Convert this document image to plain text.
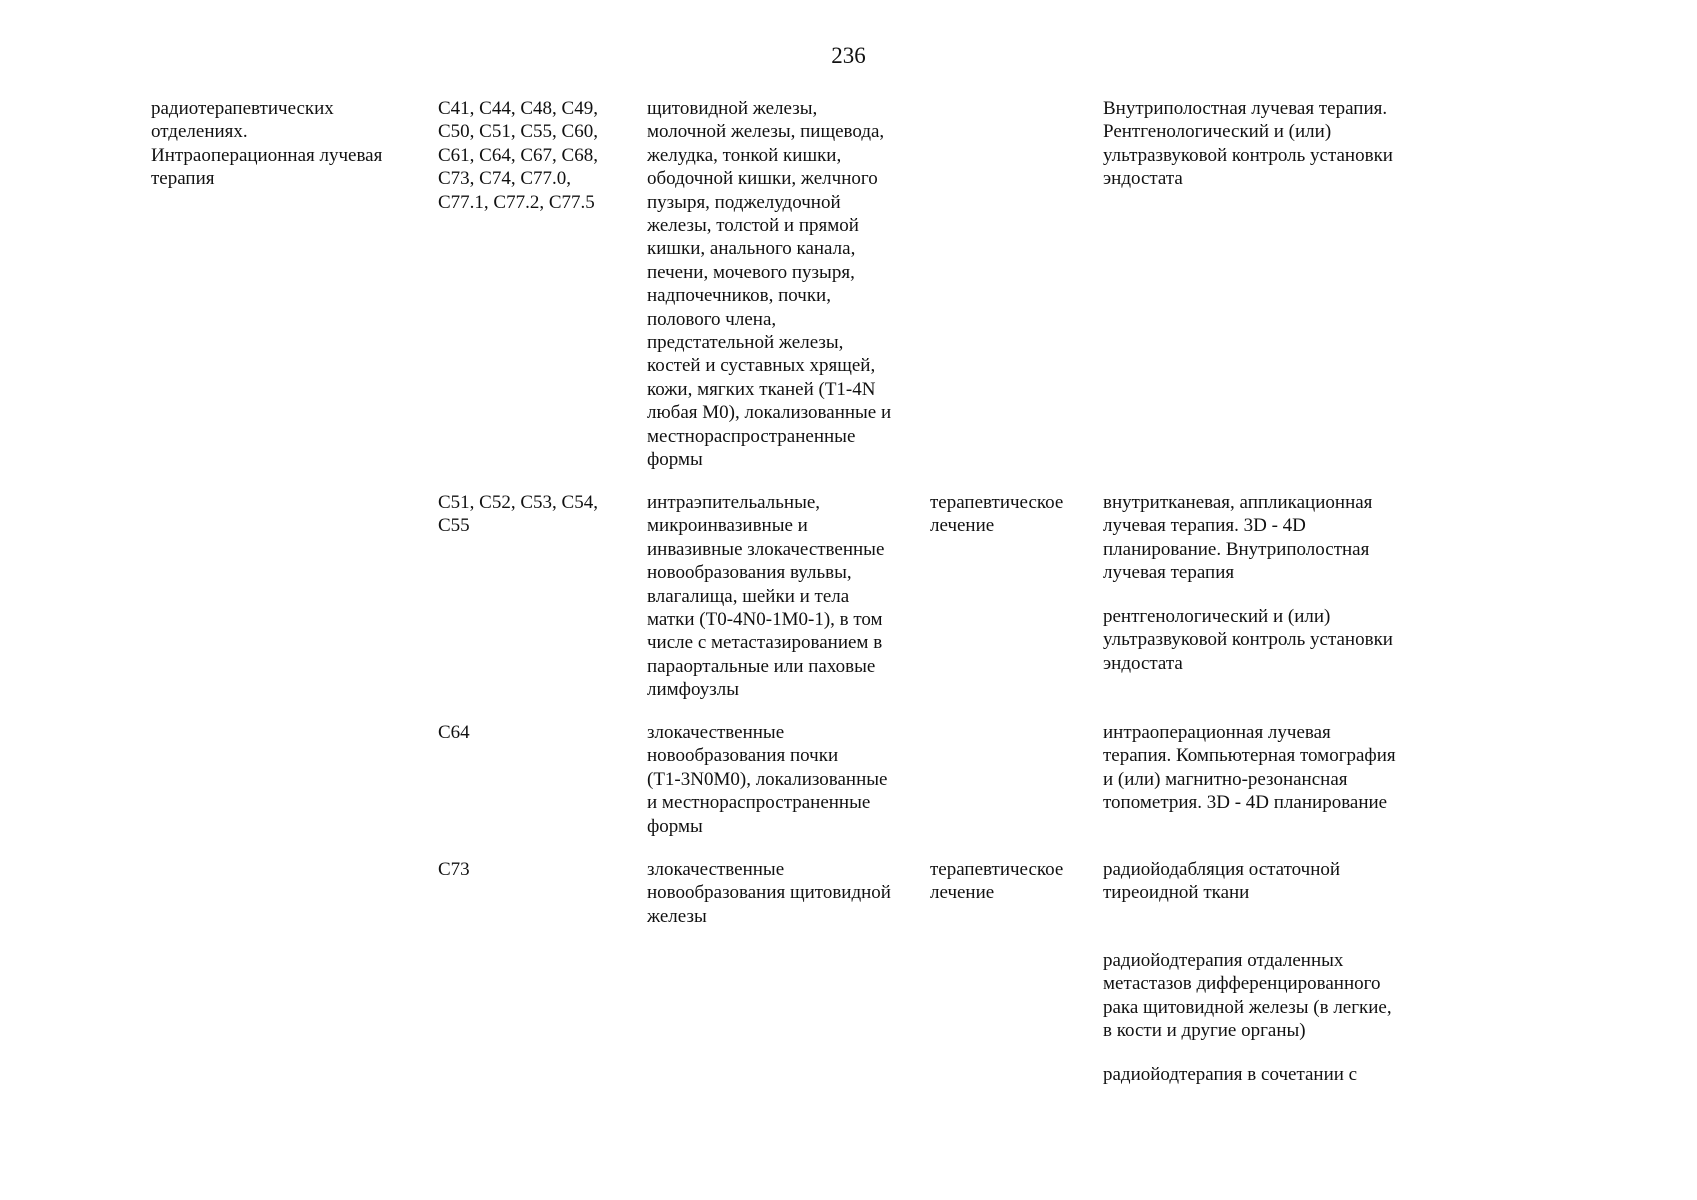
236
радиотерапевтических
отделениях.
Интраоперационная лучевая
терапия
C41, C44, C48, C49,
C50, C51, C55, C60,
C61, C64, C67, C68,
C73, C74, C77.0,
C77.1, C77.2, C77.5
щитовидной железы,
молочной железы, пищевода,
желудка, тонкой кишки,
ободочной кишки, желчного
пузыря, поджелудочной
железы, толстой и прямой
кишки, анального канала,
печени, мочевого пузыря,
надпочечников, почки,
полового члена,
предстательной железы,
костей и суставных хрящей,
кожи, мягких тканей (T1-4N
любая M0), локализованные и
местнораспространенные
формы
Внутриполостная лучевая терапия.
Рентгенологический и (или)
ультразвуковой контроль установки
эндостата
C51, C52, C53, C54,
C55
интраэпительальные,
микроинвазивные и
инвазивные злокачественные
новообразования вульвы,
влагалища, шейки и тела
матки (T0-4N0-1M0-1), в том
числе с метастазированием в
параортальные или паховые
лимфоузлы
терапевтическое
лечение
внутритканевая, аппликационная
лучевая терапия. 3D - 4D
планирование. Внутриполостная
лучевая терапия
рентгенологический и (или)
ультразвуковой контроль установки
эндостата
C64	злокачественные
новообразования почки
(T1-3N0M0), локализованные
и местнораспространенные
формы
интраоперационная лучевая
терапия. Компьютерная томография
и (или) магнитно-резонансная
топометрия. 3D - 4D планирование
C73	злокачественные
новообразования щитовидной
железы
терапевтическое
лечение
радиойодабляция остаточной
тиреоидной ткани
радиойодтерапия отдаленных
метастазов дифференцированного
рака щитовидной железы (в легкие,
в кости и другие органы)
радиойодтерапия в сочетании с
